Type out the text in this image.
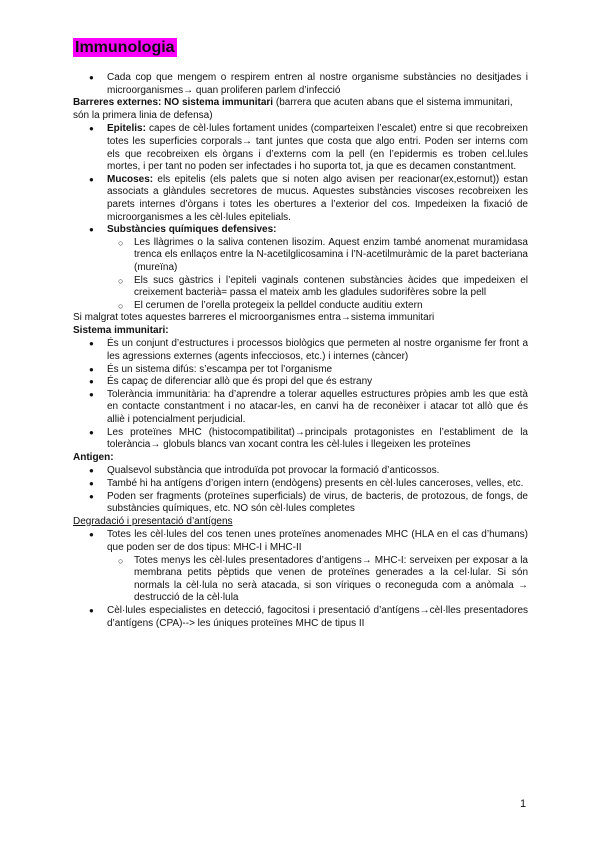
Immunologia
● Cada cop que mengem o respirem entren al nostre organisme substàncies no desitjades i microorganismes→ quan proliferen parlem d’infecció

Barreres externes: NO sistema immunitari (barrera que acuten abans que el sistema immunitari, són la primera linia de defensa)

● Epitelis: capes de cèl·lules fortament unides (comparteixen l’escalet) entre si que recobreixen totes les superficies corporals→ tant juntes que costa que algo entri. Poden ser interns com els que recobreixen els òrgans i d’externs com la pell (en l’epidermis es troben cel.lules mortes, i per tant no poden ser infectades i ho suporta tot, ja que es decamen constantment.
● Mucoses: els epitelis (els palets que si noten algo avisen per reacionar(ex,estornut)) estan associats a glàndules secretores de mucus. Aquestes substàncies viscoses recobreixen les parets internes d’òrgans i totes les obertures a l’exterior del cos. Impedeixen la fixació de microorganismes a les cèl·lules epitelials.
● Substàncies químiques defensives:
○ Les llàgrimes o la saliva contenen lisozim. Aquest enzim també anomenat muramidasa trenca els enllaços entre la N-acetilglicosamina i l’N-acetilmuràmic de la paret bacteriana (mureïna)
○ Els sucs gàstrics i l’epiteli vaginals contenen substàncies àcides que impedeixen el creixement bacterià= passa el mateix amb les gladules sudorifères sobre la pell
○ El cerumen de l’orella protegeix la pelldel conducte auditiu extern

Si malgrat totes aquestes barreres el microorganismes entra→sistema immunitari

Sistema immunitari:

● És un conjunt d’estructures i processos biològics que permeten al nostre organisme fer front a les agressions externes (agents infecciosos, etc.) i internes (càncer)
● És un sistema difús: s’escampa per tot l’organisme
● És capaç de diferenciar allò que és propi del que és estrany
● Tolerància immunitària: ha d’aprendre a tolerar aquelles estructures pròpies amb les que està en contacte constantment i no atacar-les, en canvi ha de reconèixer i atacar tot allò que és alliè i potencialment perjudicial.
● Les proteïnes MHC (histocompatibilitat)→principals protagonistes en l’establiment de la tolerància→ globuls blancs van xocant contra les cèl·lules i llegeixen les proteïnes

Antigen:

● Qualsevol substància que introduïda pot provocar la formació d’anticossos.
● També hi ha antígens d’origen intern (endògens) presents en cèl·lules canceroses, velles, etc.
● Poden ser fragments (proteïnes superficials) de virus, de bacteris, de protozous, de fongs, de substàncies químiques, etc. NO són cèl·lules completes

Degradació i presentació d’antígens

● Totes les cèl·lules del cos tenen unes proteïnes anomenades MHC (HLA en el cas d’humans) que poden ser de dos tipus: MHC-I i MHC-II
○ Totes menys les cèl·lules presentadores d’antigens→ MHC-I: serveixen per exposar a la membrana petits pèptids que venen de proteïnes generades a la cel·lular. Si són normals la cèl·lula no serà atacada, si son víriques o reconeguda com a anòmala → destrucció de la cèl·lula
● Cèl·lules especialistes en detecció, fagocitosi i presentació d’antígens→cèl·lles presentadores d’antígens (CPA)--> les úniques proteïnes MHC de tipus II
1
